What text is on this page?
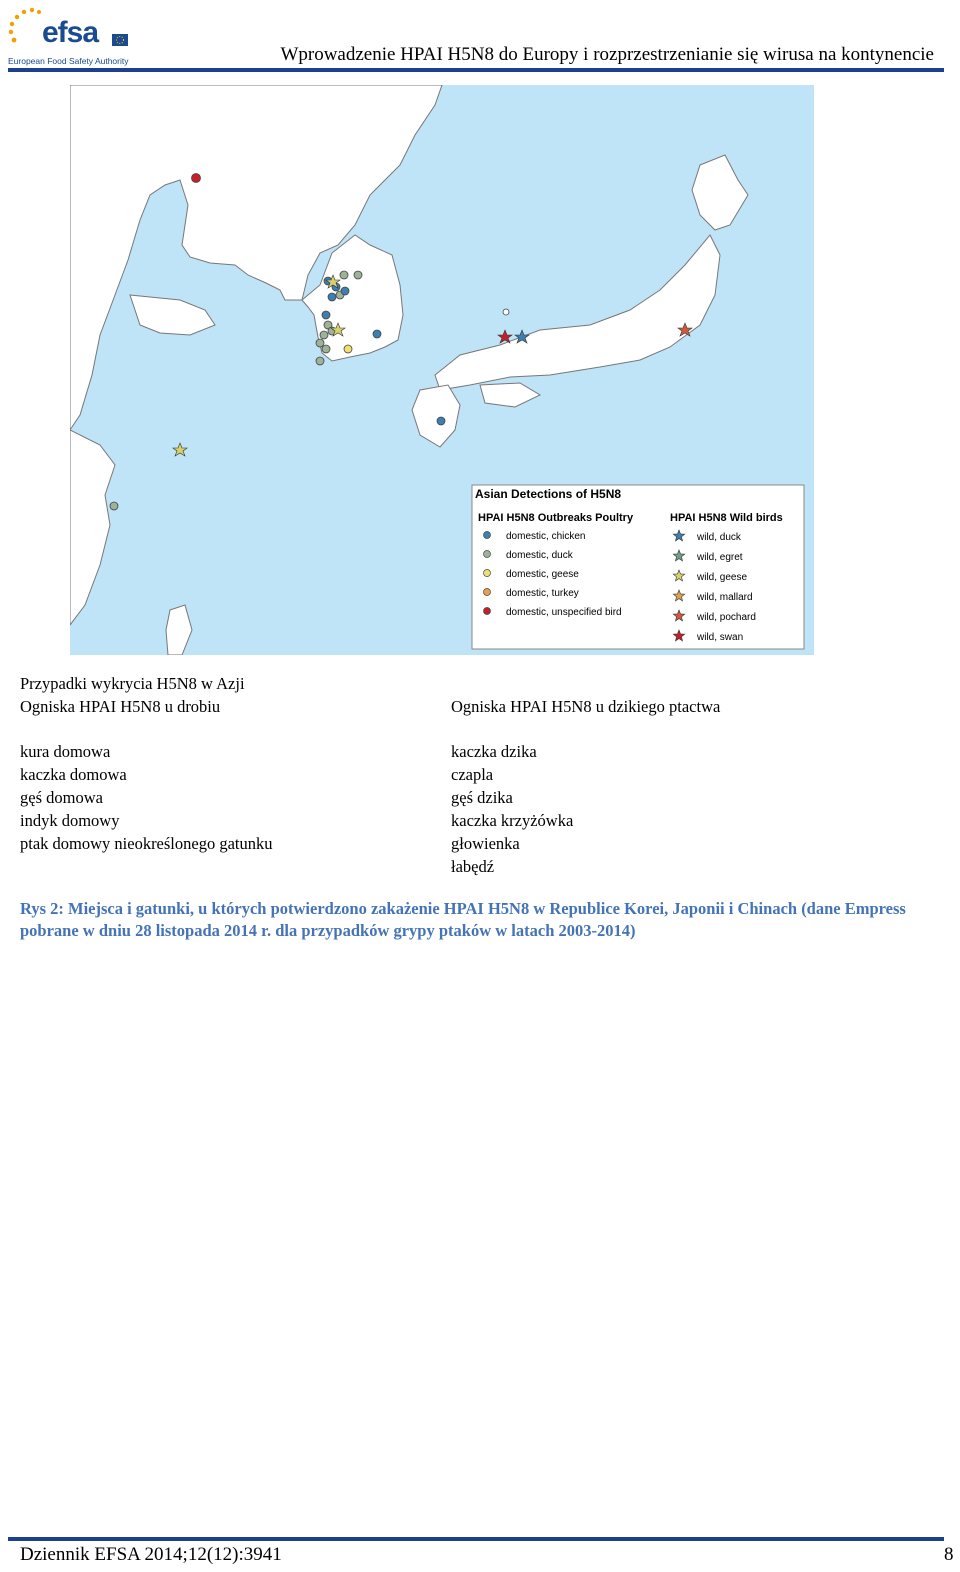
efsa
European Food Safety Authority	Wprowadzenie HPAI H5N8 do Europy i rozprzestrzenianie się wirusa na kontynencie
Asian Detections of H5N8
HPAI H5N8 Outbreaks Poultry	HPAI H5N8 Wild birds
domestic, chicken
domestic, duck
domestic, geese
domestic, turkey
domestic, unspecified bird
wild, duck
wild, egret
wild, geese
wild, mallard
wild, pochard
wild, swan
Przypadki wykrycia H5N8 w Azji
Ogniska HPAI H5N8 u drobiu	Ogniska HPAI H5N8 u dzikiego ptactwa
kura domowa
kaczka domowa
gęś domowa
indyk domowy
ptak domowy nieokreślonego gatunku
kaczka dzika
czapla
gęś dzika
kaczka krzyżówka
głowienka
łabędź
Rys 2: Miejsca i gatunki, u których potwierdzono zakażenie HPAI H5N8 w Republice Korei, Japonii i Chinach (dane Empress pobrane w dniu 28 listopada 2014 r. dla przypadków grypy ptaków w latach 2003-2014)
Dziennik EFSA 2014;12(12):3941	8
